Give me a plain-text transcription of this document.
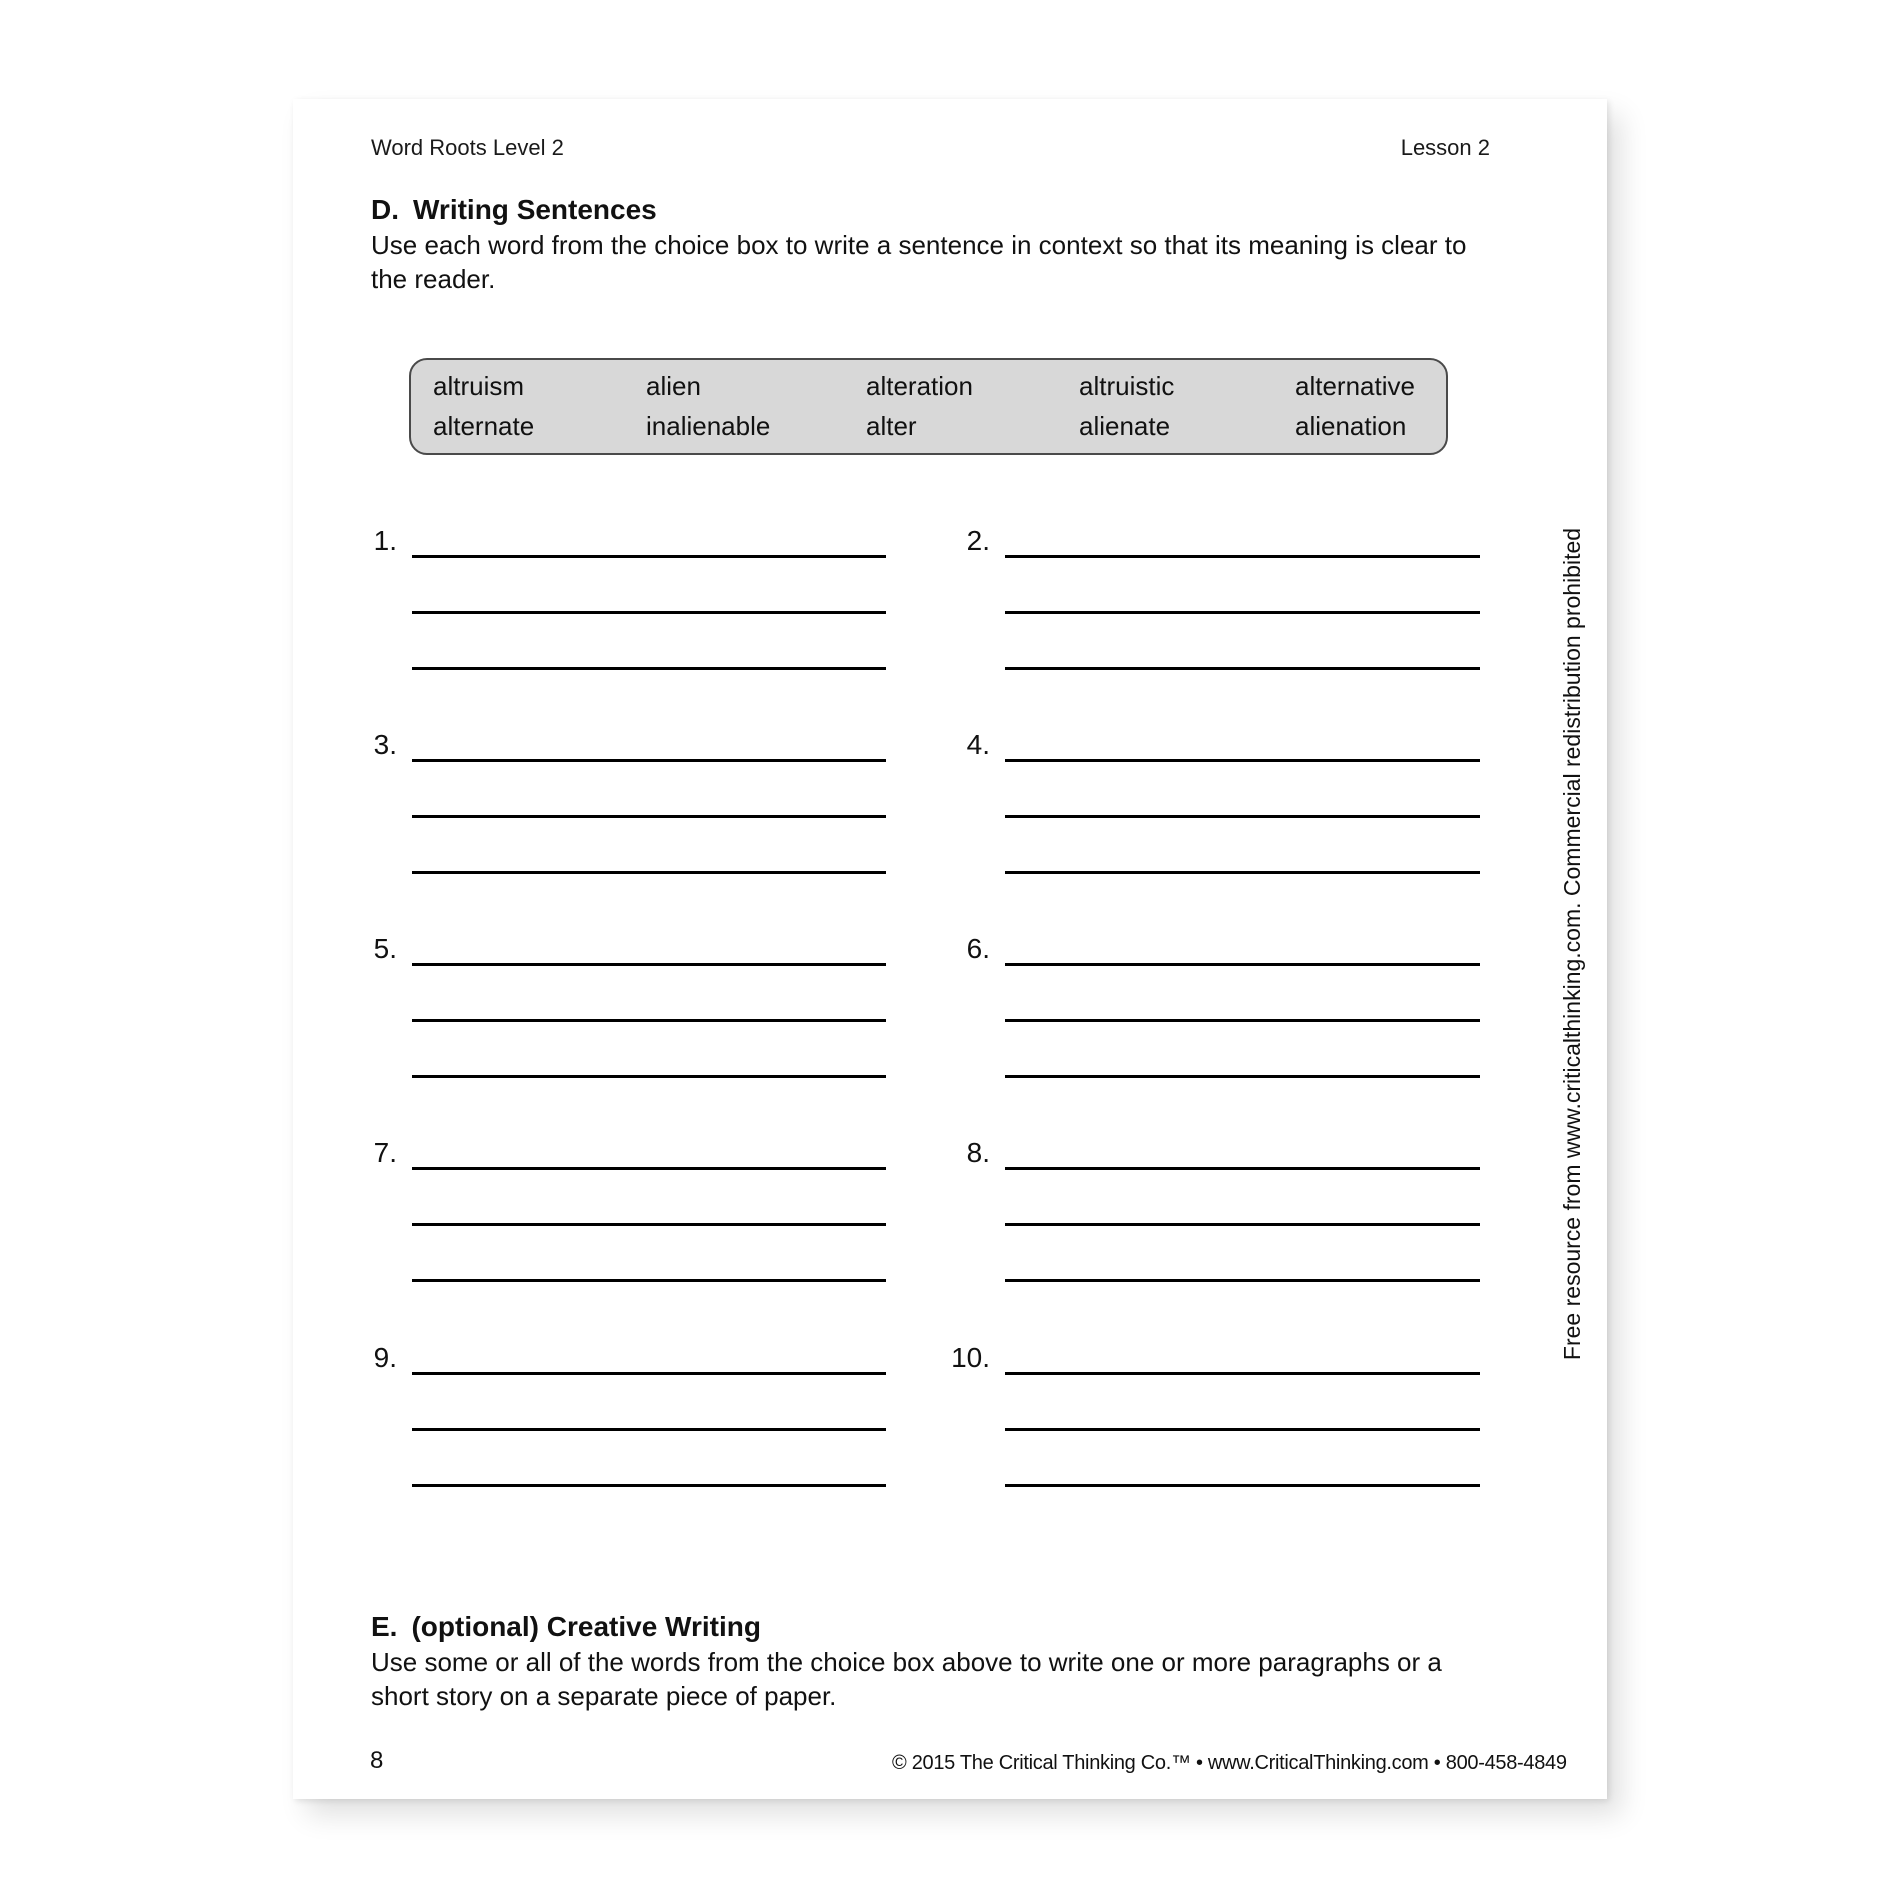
Word Roots Level 2	Lesson 2
D. Writing Sentences
Use each word from the choice box to write a sentence in context so that its meaning is clear to
the reader.
altruism	alien	alteration	altruistic	alternative
alternate	inalienable	alter	alienate	alienation
1.	2.
3.	4.
5.	6.
7.	8.
9.	10.
E. (optional) Creative Writing
Use some or all of the words from the choice box above to write one or more paragraphs or a
short story on a separate piece of paper.
Free resource from www.criticalthinking.com. Commercial redistribution prohibited
8	© 2015 The Critical Thinking Co.™ • www.CriticalThinking.com • 800-458-4849
